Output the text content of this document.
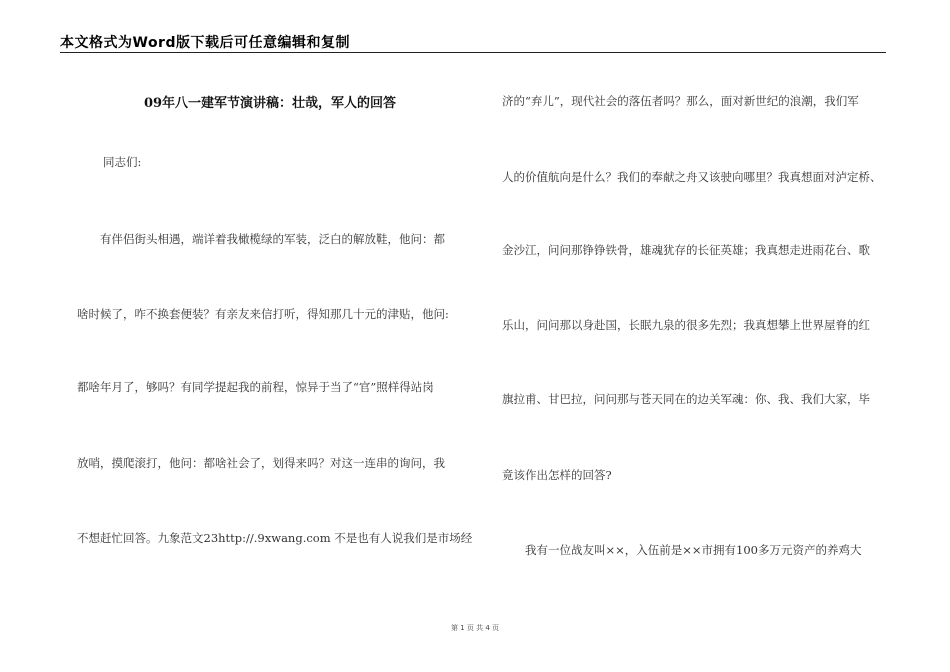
本文格式为Word版下载后可任意编辑和复制
09年八一建军节演讲稿：壮哉，军人的回答
　　同志们:
　　有伴侣街头相遇，端详着我橄榄绿的军装，泛白的解放鞋，他问：都
啥时候了，咋不换套便装？有亲友来信打听，得知那几十元的津贴，他问:
都啥年月了，够吗？有同学提起我的前程，惊异于当了“官”照样得站岗
放哨，摸爬滚打，他问：都啥社会了，划得来吗？对这一连串的询问，我
不想赶忙回答。九象范文23http://.9xwang.com 不是也有人说我们是市场经
济的“弃儿”，现代社会的落伍者吗？那么，面对新世纪的浪潮，我们军
人的价值航向是什么？我们的奉献之舟又该驶向哪里？我真想面对泸定桥、
金沙江，问问那铮铮铁骨，雄魂犹存的长征英雄；我真想走进雨花台、歌
乐山，问问那以身赴国，长眠九泉的很多先烈；我真想攀上世界屋脊的红
旗拉甫、甘巴拉，问问那与苍天同在的边关军魂：你、我、我们大家，毕
竟该作出怎样的回答?
　　我有一位战友叫××，入伍前是××市拥有100多万元资产的养鸡大
第 1 页 共 4 页
